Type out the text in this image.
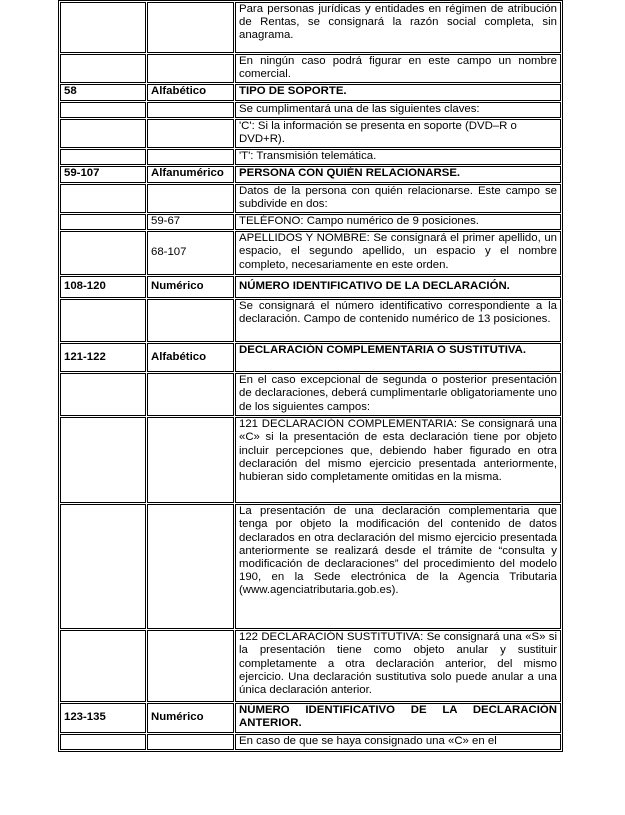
		Para personas jurídicas y entidades en régimen de atribución de Rentas, se consignará la razón social completa, sin anagrama.
		En ningún caso podrá figurar en este campo un nombre comercial.
58	Alfabético	TIPO DE SOPORTE.
		Se cumplimentará una de las siguientes claves:
		'C': Si la información se presenta en soporte (DVD–R o DVD+R).
		'T': Transmisión telemática.
59-107	Alfanumérico	PERSONA CON QUIÉN RELACIONARSE.
		Datos de la persona con quién relacionarse. Este campo se subdivide en dos:
	59-67	TELÉFONO: Campo numérico de 9 posiciones.
	68-107	APELLIDOS Y NOMBRE: Se consignará el primer apellido, un espacio, el segundo apellido, un espacio y el nombre completo, necesariamente en este orden.
108-120	Numérico	NÚMERO IDENTIFICATIVO DE LA DECLARACIÓN.
		Se consignará el número identificativo correspondiente a la declaración. Campo de contenido numérico de 13 posiciones.
121-122	Alfabético	DECLARACIÓN COMPLEMENTARIA O SUSTITUTIVA.
		En el caso excepcional de segunda o posterior presentación de declaraciones, deberá cumplimentarle obligatoriamente uno de los siguientes campos:
		121 DECLARACIÓN COMPLEMENTARIA: Se consignará una «C» si la presentación de esta declaración tiene por objeto incluir percepciones que, debiendo haber figurado en otra declaración del mismo ejercicio presentada anteriormente, hubieran sido completamente omitidas en la misma.
		La presentación de una declaración complementaria que tenga por objeto la modificación del contenido de datos declarados en otra declaración del mismo ejercicio presentada anteriormente se realizará desde el trámite de “consulta y modificación de declaraciones” del procedimiento del modelo 190, en la Sede electrónica de la Agencia Tributaria (www.agenciatributaria.gob.es).
		122 DECLARACIÓN SUSTITUTIVA: Se consignará una «S» si la presentación tiene como objeto anular y sustituir completamente a otra declaración anterior, del mismo ejercicio. Una declaración sustitutiva solo puede anular a una única declaración anterior.
123-135	Numérico	NÚMERO IDENTIFICATIVO DE LA DECLARACIÓN ANTERIOR.
		En caso de que se haya consignado una «C» en el
